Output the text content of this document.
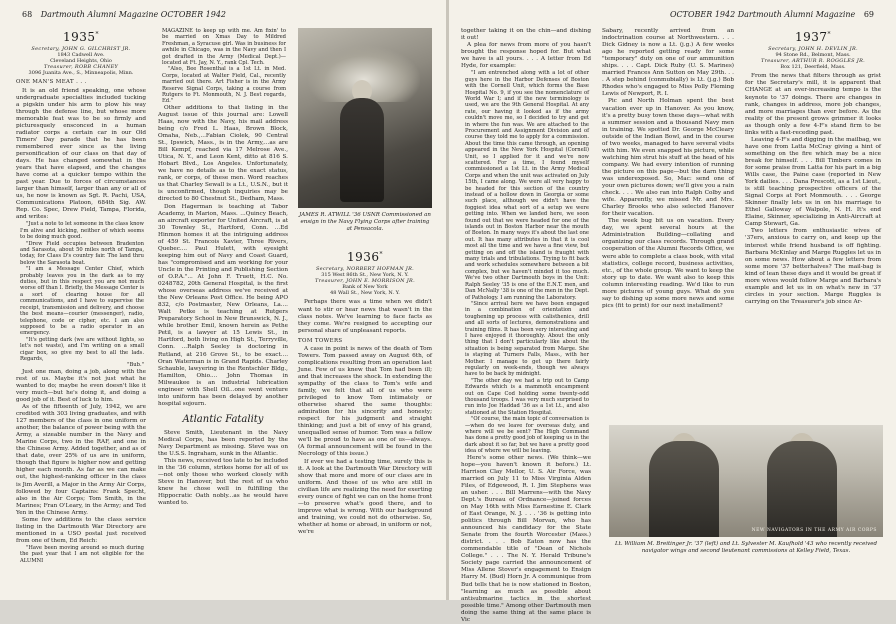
68 Dartmouth Alumni Magazine OCTOBER 1942
1935*
Secretary, JOHN G. GILCHRIST JR.
1843 Cadwell Ave.
Cleveland Heights, Ohio
Treasurer, ROBB CHANEY
3096 Juanita Ave., S., Minneapolis, Minn.
ONE MAN'S MEAT . . .

It is an old friend speaking, one whose undergraduate specialties included tucking a pigskin under his arm to plow his way through the defense line, but whose more memorable feat was to be so firmly and picturesquely ensconced in a human radiator corps a certain car in our Old Timers' Day parade that he has been remembered ever since as the living personification of our class on that day of days. He has changed somewhat in the years that have elapsed, and the changes have come at a quicker tempo within the past year. Due to forces of circumstances larger than himself, larger than any or all of us, he now is known as Sgt. R. Pachi, USA, Communications Platoon, 684th Sig. AW. Rep. Co. Spec, Drew Field, Tampa, Florida, and writes:

"Just a note to let someone in the class know I'm alive and kicking, neither of which seems to be doing much good.

"Drew Field occupies between Bradenton and Sarasota, about 50 miles north of Tampa, today, for Class D's country fair. The land thru below the Sarasota boat.

"I am a Message Center Chief, which probably leaves you in the dark as to my duties, but in this respect you are not much worse off than I. Briefly, the Message Center is a sort of clearing house for all communications, and I have to supervise the receipt, transmission and delivery, and choose the best means—courier (messenger), radio, telephone, code or cipher, etc. I am also supposed to be a radio operator in an emergency.

"It's getting dark (we are without lights, so let's not waste), and I'm writing on a small cigar box, so give my best to all the lads. Regards,

"Bub."

Just one man, doing a job, along with the rest of us. Maybe it's not just what he wanted to do; maybe he even doesn't like it very much—but he's doing it, and doing a good job of it. Best of luck to him.

As of the fifteenth of July, 1942, we are credited with 303 living graduates, and with 127 members of the class in one uniform or another, the balance of power being with the Army, a sizeable number in the Navy and Marine Corps, two in the RAF, and one in the Chinese Army. Added together, and as of that date, over 25% of us are in uniform, though that figure is higher now and getting higher each month. As far as we can make out, the highest-ranking officer in the class is Jim Averill, a Major in the Army Air Corps, followed by four Captains: Frank Specht, also in the Air Corps; Tom Smith, in the Marines; Fran O'Leary, in the Army; and Ted Yen in the Chinese Army.

Some few additions to the class service listing in the Dartmouth War Directory are mentioned in a USO postal just received from one of them, Ed Reich:

"Have been moving around so much during the past year that I am not eligible for the ALUMNI

MAGAZINE to keep up with me. Am fixin' to be married on Xmas Day to Mildred Freshman, a Syracuse girl. Was in business for awhile in Chicago, was in the Navy and then I got drafted in the Army (Medical Dept.)—located at Ft. Jay, N. Y., rank Cpl. Tech.

"Also, Bee Rosenthal is a 1st Lt. in Med. Corps, located at Walter Field, Cal., recently married out there. Art Fisher is in the Army Reserve Signal Corps, taking a course from Rutgers to Ft. Monmouth, N. J. Best regards, Ed."

Other additions to that listing in the August issue of this journal are: Lowell Haas, now with the Navy, his mail address being c/o Fred L. Haas, Brown Block, Omaha, Neb.,...Fabian Ciolek, 90 Central St., Ipswich, Mass., is in the Army,...as are Bill Kempf, reached via 17 Melrose Ave., Utica, N. Y., and Leon Kent, ditto at 816 S. Hobart Blvd., Los Angeles. Unfortunately, we have no details as to the exact status, rank, or corps, of these men. Word reaches us that Charley Sewall is a Lt., U.S.N., but it is unconfirmed, though inquiries may be directed to 80 Chestnut St., Dedham, Mass.

Don Hagerman is teaching at Tabor Academy, in Marion, Mass. ...Quincy Beach, an aircraft exporter for United Aircraft, is at 30 Townley St., Hartford, Conn. ...Ed Hinmon homes it at the intriguing address of 459 St. Francois Xavier, Three Rivers, Quebec.... Paul Hulett, with eyesight keeping him out of Navy and Coast Guard, has "compromised and am working for your Uncle in the Printing and Publishing Section of O.P.A."... At John F. Truett, H.C. No. 0248782, 20th General Hospital, is the first whose overseas address we've received at the New Orleans Post Office. He being APO 832, c/o Postmaster, New Orleans, La.... Walt Petke is teaching at Rutgers Preparatory School in New Brunswick, N. J., while brother Emil, known herein as Pethe Petil, is a lawyer at 15 Lewis St., in Hartford, both living on High St., Terryville, Conn. ...Ralph Seeley is doctoring in Rutland, at 216 Grove St., to be exact.... Oran Waterman is in Grand Rapids. Charley Schauble, lawyering in the Rentschler Bldg., Hamilton, Ohio.... John Thomas in Milwaukee is an industrial lubrication engineer with Shell Oil...one went venture into uniform has been delayed by another hospital sojourn.

Atlantic Fatality

Steve Smith, Lieutenant in the Navy Medical Corps, has been reported by the Navy Department as missing. Steve was on the U.S.S. Ingraham, sunk in the Atlantic.

This news, received too late to be included in the '36 column, strikes home for all of us—not only those who worked closely with Steve in Hanover, but the rest of us who knew he chose well in fulfilling the Hippocratic Oath nobly...as he would have wanted to.

JAMES R. ATWILL '36 USNR Commissioned an ensign in the Navy Flying Corps after training at Pensacola.
1936*
Secretary, NORBERT HOFMAN JR.
315 West 86th St., New York, N. Y.
Treasurer, JOHN E. MORRISON JR.
Bank of New York
48 Wall St., New York, N. Y.

Perhaps there was a time when we didn't want to stir or hear news that wasn't in the class notes. We've learning to face facts as they come. We're resigned to accepting our personal share of unpleasant reports.

TOM TOWERS

A case in point is news of the death of Tom Towers. Tom passed away on August 6th, of complications resulting from an operation last June. Few of us knew that Tom had been ill; and that increases the shock. In extending the sympathy of the class to Tom's wife and family, we felt that all of us who were privileged to know Tom intimately or otherwise shared the same thoughts: admiration for his sincerity and honesty; respect for his judgment and straight thinking; and just a bit of envy of his grand, unequalled sense of humor. Tom was a fellow we'll be proud to have as one of us—always. (A formal announcement will be found in the Necrology of this issue.)

If ever we had a testing time, surely this is it. A look at the Dartmouth War Directory will show that more and more of our class are in uniform. And those of us who are still in civilian life are realizing the need for exerting every ounce of fight we can on the home front—to preserve what's good there, and to improve what is wrong. With our background and training, we could not do otherwise. So, whether at home or abroad, in uniform or not, we're

OCTOBER 1942 Dartmouth Alumni Magazine 69

together taking it on the chin—and dishing it out!

A plea for news from more of you hasn't brought the response hoped for. But what we have is all yours. . . . A letter from Ed Hyde, for example:

"I am entrenched along with a lot of other guys here in the Harbor Defenses of Boston with the Cornell Unit, which forms the Base Hospital No. 9, if you see the nomenclature of World War I; and if the new terminology is used, we are the 9th General Hospital. At any rate, our having it looked as if the army couldn't move me, so I decided to try and get in where the fun was. We are attached to the Procurement and Assignment Division and of course they told me to apply for a commission. About the time this came through, an opening appeared in the New York Hospital (Cornell) Unit, so I applied for it and we're now scattered. For a time, I found myself commissioned a 1st Lt. in the Army Medical Corps and when the unit was activated on July 15th, I came along. We were all very happy to be headed for this section of the country instead of a hollow down in Georgia or some such place, although we didn't have the foggiest idea what sort of a setup we were getting into. When we landed here, we soon found out that we were headed for one of the islands out in Boston Harbor near the mouth of Boston. In many ways it's about the last one out. It has many attributes in that it is cool most all the time and we have a fine view, but getting on and off the island is fraught with many trials and tribulations. Trying to fit back and work schedules somewhere between a bit complex, but we haven't minded it too much. We've two other Dartmouth boys in the Unit: Ralph Seeley '35 is one of the E.N.T. men, and Dan McNally '38 is one of the men in the Dept. of Pathology. I am running the Laboratory.

"Since arrival here we have been engaged in a combination of orientation and toughening up process with calisthenics, drill and all sorts of lectures, demonstrations and training films. It has been very interesting and I have enjoyed it thoroughly. About the only thing that I don't particularly like about the situation is being separated from Marge. She is staying at Turners Falls, Mass., with her Mother. I manage to get up there fairly regularly on week-ends, though we always have to be back by midnight.

"The other day we had a trip out to Camp Edwards which is a mammoth encampment out on Cape Cod holding some twenty-odd thousand troops. I was very much surprised to run into Joe Haddad '36 as a 1st Lt., and also stationed at the Station Hospital.

"Of course, the main topic of conversation is—when do we leave for overseas duty, and where will we be sent? The High Command has done a pretty good job of keeping us in the dark about it so far, but we have a pretty good idea of where we will be leaving.

Here's some other news. (We think—we hope—you haven't known it before.) Lt. Harrison Clay Mellor, U. S. Air Force, was married on July 11 to Miss Virginia Alden Files, of Edgewood, R. I. Jim Stephens was an usher. . . . Bill Marrens—with the Navy Dept.'s Bureau of Ordnance—joined forces on May 16th with Miss Earnestine E. Clark of East Orange, N. J. . . . '36 is getting into politics through Bill Morvan, who has announced his candidacy for the State Senate from the fourth Worcester (Mass.) district. . . . Bob Eaton now has the commendable title of "Dean of Nichols College." . . . The N. Y. Herald Tribune's Society page carried the announcement of Miss Allene Stover's engagement to Ensign Harry M. (Bud) Horn Jr. A communique from Bud tells that he is now stationed in Boston, "learning as much as possible about antisubmarine tactics in the shortest possible time." Among other Dartmouth men doing the same thing at the same place is Vic

Sabary, recently arrived from an indoctrination course at Northwestern. . . . Dick Gidney is now a Lt. (j.g.) A few weeks ago he reported getting ready for some "temporary" duty on one of our ammunition ships. . . . Capt. Dick Ruby (U. S. Marines) married Frances Ann Sutton on May 29th. . . . A step behind (conmubially) is Lt. (j.g.) Bob Rhodes who's engaged to Miss Polly Fleming Lewis of Newport, R. I.

Pic and North Holman spent the best vacation ever up in Hanover. As you know, it's a pretty busy town these days—what with a summer session and a thousand Navy men in training. We spotted Dr. George McCleary outside of the Indian Bowl, and in the course of two weeks, managed to have several visits with him. We even snapped his picture, while watching him strut his stuff at the head of his company. We had every intention of running the picture on this page—but the darn thing was underexposed. So, Mac: send one of your own pictures down; we'll give you a rain check. . . . We also ran into Ralph Colby and wife. Apparently, we missed Mr. and Mrs. Charley Brooks who also selected Hanover for their vacation.

The week bug bit us on vacation. Every day, we spent several hours at the Administration Building—collating and organizing our class records. Through grand cooperation of the Alumni Records Office, we were able to complete a class book, with vital statistics, college record, business activities, etc., of the whole group. We want to keep the story up to date. We want also to keep this column interesting reading. We'd like to run more pictures of young guys. What do you say to dishing up some more news and some pics (fit to print) for our next installment?

1937*
Secretary, JOHN H. DEVLIN JR.
94 Stone Rd., Belmont, Mass.
Treasurer, ARTHUR R. ROGGLES JR.
Box 121, Deerfield, Mass.

From the news that filters through as grist for the Secretary's mill, it is apparent that CHANGE at an ever-increasing tempo is the keynote to '37 doings. There are changes in rank, changes in address, more job changes, and more marriages than ever before. As the reality of the present grows grimmer it looks as though only a few 4-F's stand firm to be links with a fast-receding past.

Leaving 4-F's and digging in the mailbag, we have one from Latta McCray giving a hint of something on the fire which may be a nice break for himself. . . . Bill Timbers comes in for some praise from Latta for his part in a big Wills case, the Paine case (reported in New York dailies. . . . Dana Prescott, as a 1st Lieut., is still teaching prospective officers of the Signal Corps at Fort Monmouth. . . . George Skinner finally lets us in on his marriage to Ethel Galloway of Walpole, N. H. It's end Elaine, Skinner, specializing in Anti-Aircraft at Camp Stewart, Ga.

Two letters from enthusiastic wives of '37ers, anxious to carry on, and keep up the interest while friend husband is off fighting. Barbara McKinlay and Marge Ruggles let us in on some news. How about a few letters from some more '37 betterhalves? The mail-bag is kind of lean these days and it would be great if more wives would follow Marge and Barbara's example and let us in on what's new in '37 circles in your section. Marge Ruggles is carrying on the Treasurer's job since Ar-

NEW NAVIGATORS IN THE ARMY AIR CORPS
Lt. William M. Breitinger Jr. '37 (left) and Lt. Sylvester M. Kaufhold '43 who recently received navigator wings and second lieutenant commissions at Kelley Field, Texas.
